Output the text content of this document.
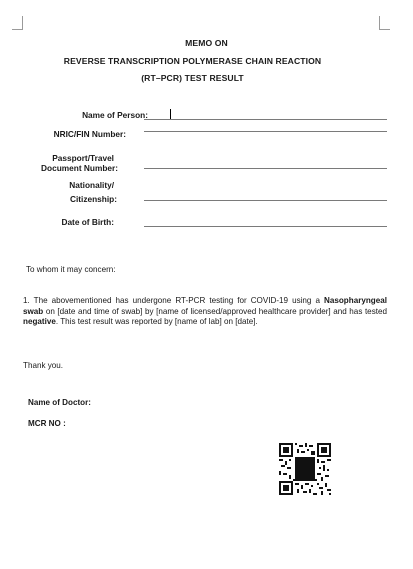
MEMO ON
REVERSE TRANSCRIPTION POLYMERASE CHAIN REACTION
(RT–PCR) TEST RESULT
Name of Person:
NRIC/FIN Number:
Passport/Travel
Document Number:
Nationality/
Citizenship:
Date of Birth:
To whom it may concern:
1. The abovementioned has undergone RT-PCR testing for COVID-19 using a Nasopharyngeal swab on [date and time of swab] by [name of licensed/approved healthcare provider] and has tested negative. This test result was reported by [name of lab] on [date].
Thank you.
Name of Doctor:
MCR NO :
